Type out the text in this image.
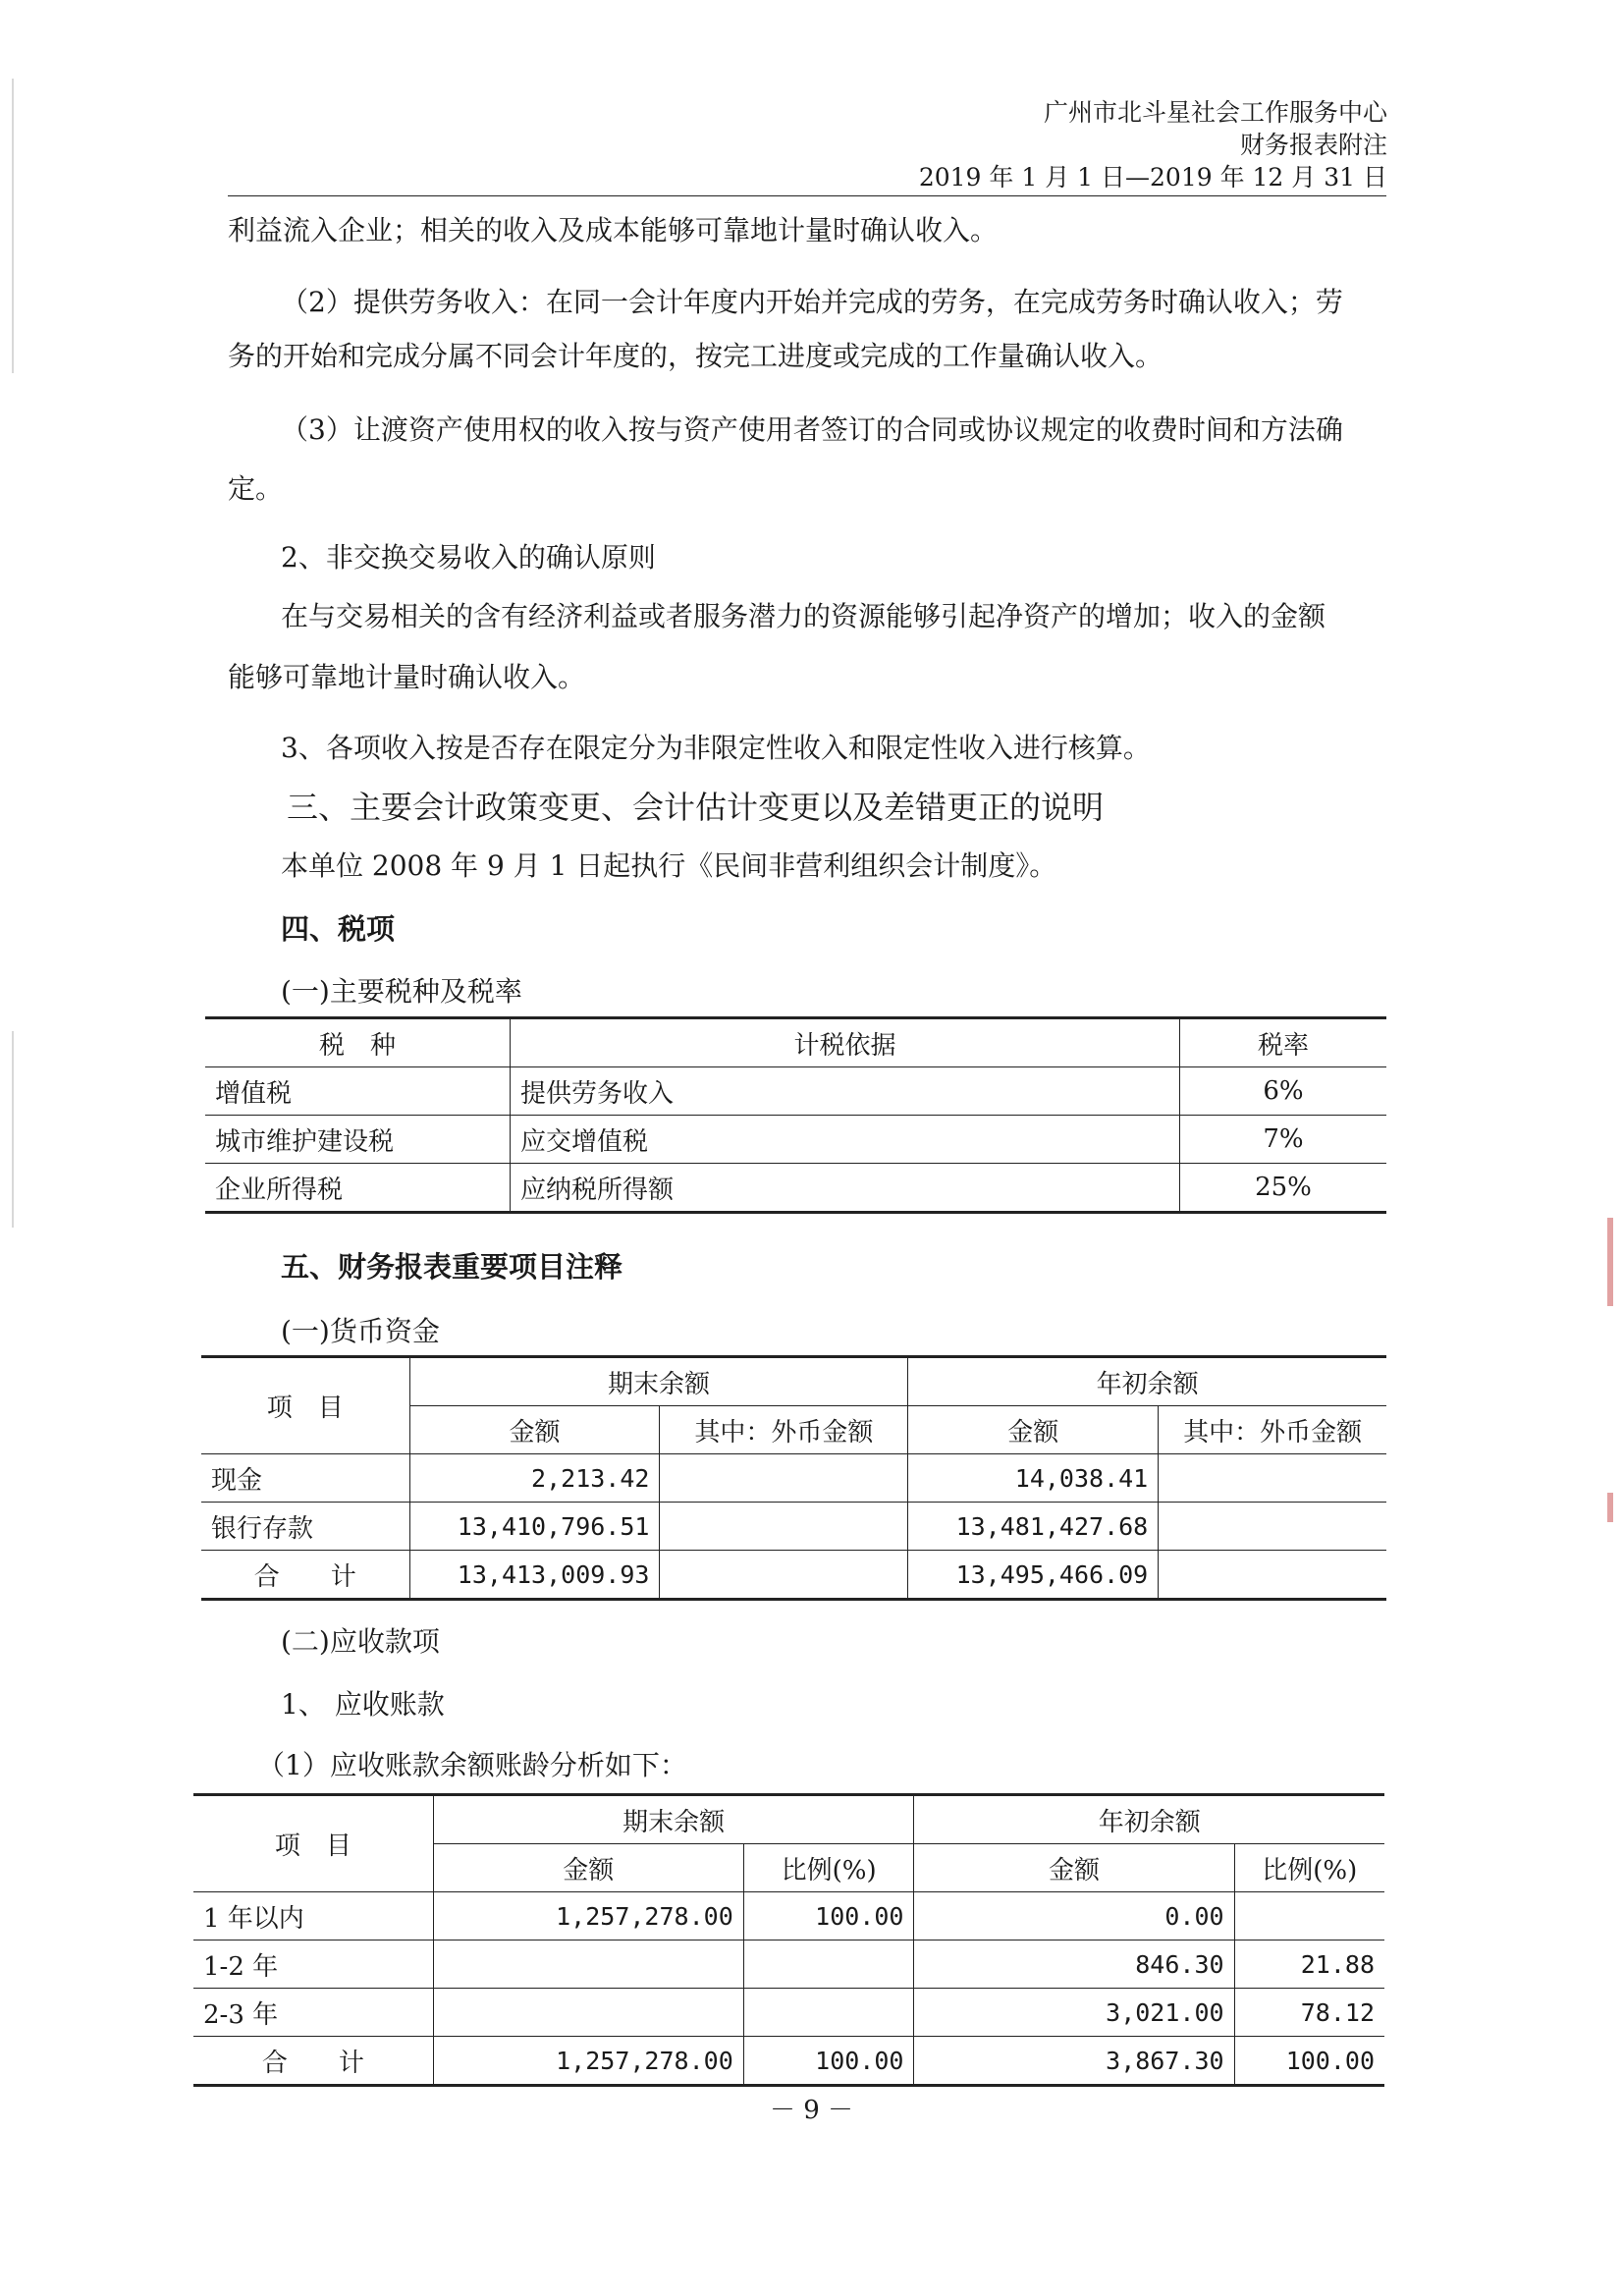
广州市北斗星社会工作服务中心
财务报表附注
2019 年 1 月 1 日—2019 年 12 月 31 日
利益流入企业；相关的收入及成本能够可靠地计量时确认收入。
（2）提供劳务收入：在同一会计年度内开始并完成的劳务，在完成劳务时确认收入；劳
务的开始和完成分属不同会计年度的，按完工进度或完成的工作量确认收入。
（3）让渡资产使用权的收入按与资产使用者签订的合同或协议规定的收费时间和方法确
定。
2、非交换交易收入的确认原则
在与交易相关的含有经济利益或者服务潜力的资源能够引起净资产的增加；收入的金额
能够可靠地计量时确认收入。
3、各项收入按是否存在限定分为非限定性收入和限定性收入进行核算。
三、主要会计政策变更、会计估计变更以及差错更正的说明
本单位 2008 年 9 月 1 日起执行《民间非营利组织会计制度》。
四、税项
(一)主要税种及税率
税　种	计税依据	税率
增值税	提供劳务收入	6%
城市维护建设税	应交增值税	7%
企业所得税	应纳税所得额	25%
五、财务报表重要项目注释
(一)货币资金
项　目	期末余额		年初余额	
	金额	其中：外币金额	金额	其中：外币金额
现金	2,213.42		14,038.41	
银行存款	13,410,796.51		13,481,427.68	
合　　计	13,413,009.93		13,495,466.09	
(二)应收款项
1、 应收账款
（1）应收账款余额账龄分析如下：
项　目	期末余额		年初余额	
	金额	比例(%)	金额	比例(%)
1 年以内	1,257,278.00	100.00	0.00	
1-2 年			846.30	21.88
2-3 年			3,021.00	78.12
合　　计	1,257,278.00	100.00	3,867.30	100.00
－ 9 －
